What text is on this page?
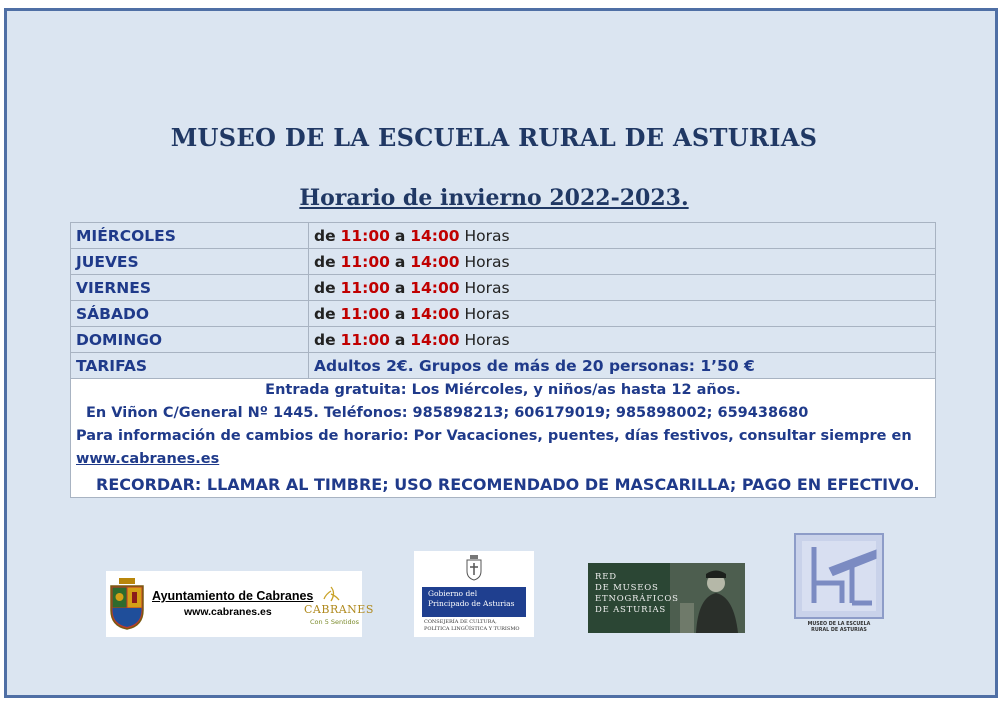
MUSEO DE LA ESCUELA RURAL DE ASTURIAS
Horario de invierno 2022-2023.
MIÉRCOLES	de 11:00 a 14:00 Horas
JUEVES	de 11:00 a 14:00 Horas
VIERNES	de 11:00 a 14:00 Horas
SÁBADO	de 11:00 a 14:00 Horas
DOMINGO	de 11:00 a 14:00 Horas
TARIFAS	Adultos 2€. Grupos de más de 20 personas: 1’50 €

Entrada gratuita: Los Miércoles, y niños/as hasta 12 años.
En Viñon C/General Nº 1445. Teléfonos: 985898213; 606179019; 985898002; 659438680
Para información de cambios de horario: Por Vacaciones, puentes, días festivos, consultar siempre en
www.cabranes.es
RECORDAR: LLAMAR AL TIMBRE; USO RECOMENDADO DE MASCARILLA; PAGO EN EFECTIVO.	
Ayuntamiento de Cabranes
www.cabranes.es	CABRANES
Con 5 Sentidos
Gobierno del
Principado de Asturias
CONSEJERÍA DE CULTURA,
POLÍTICA LINGÜÍSTICA Y TURISMO
RED
DE MUSEOS
ETNOGRÁFICOS
DE ASTURIAS
MUSEO DE LA ESCUELA
RURAL DE ASTURIAS
